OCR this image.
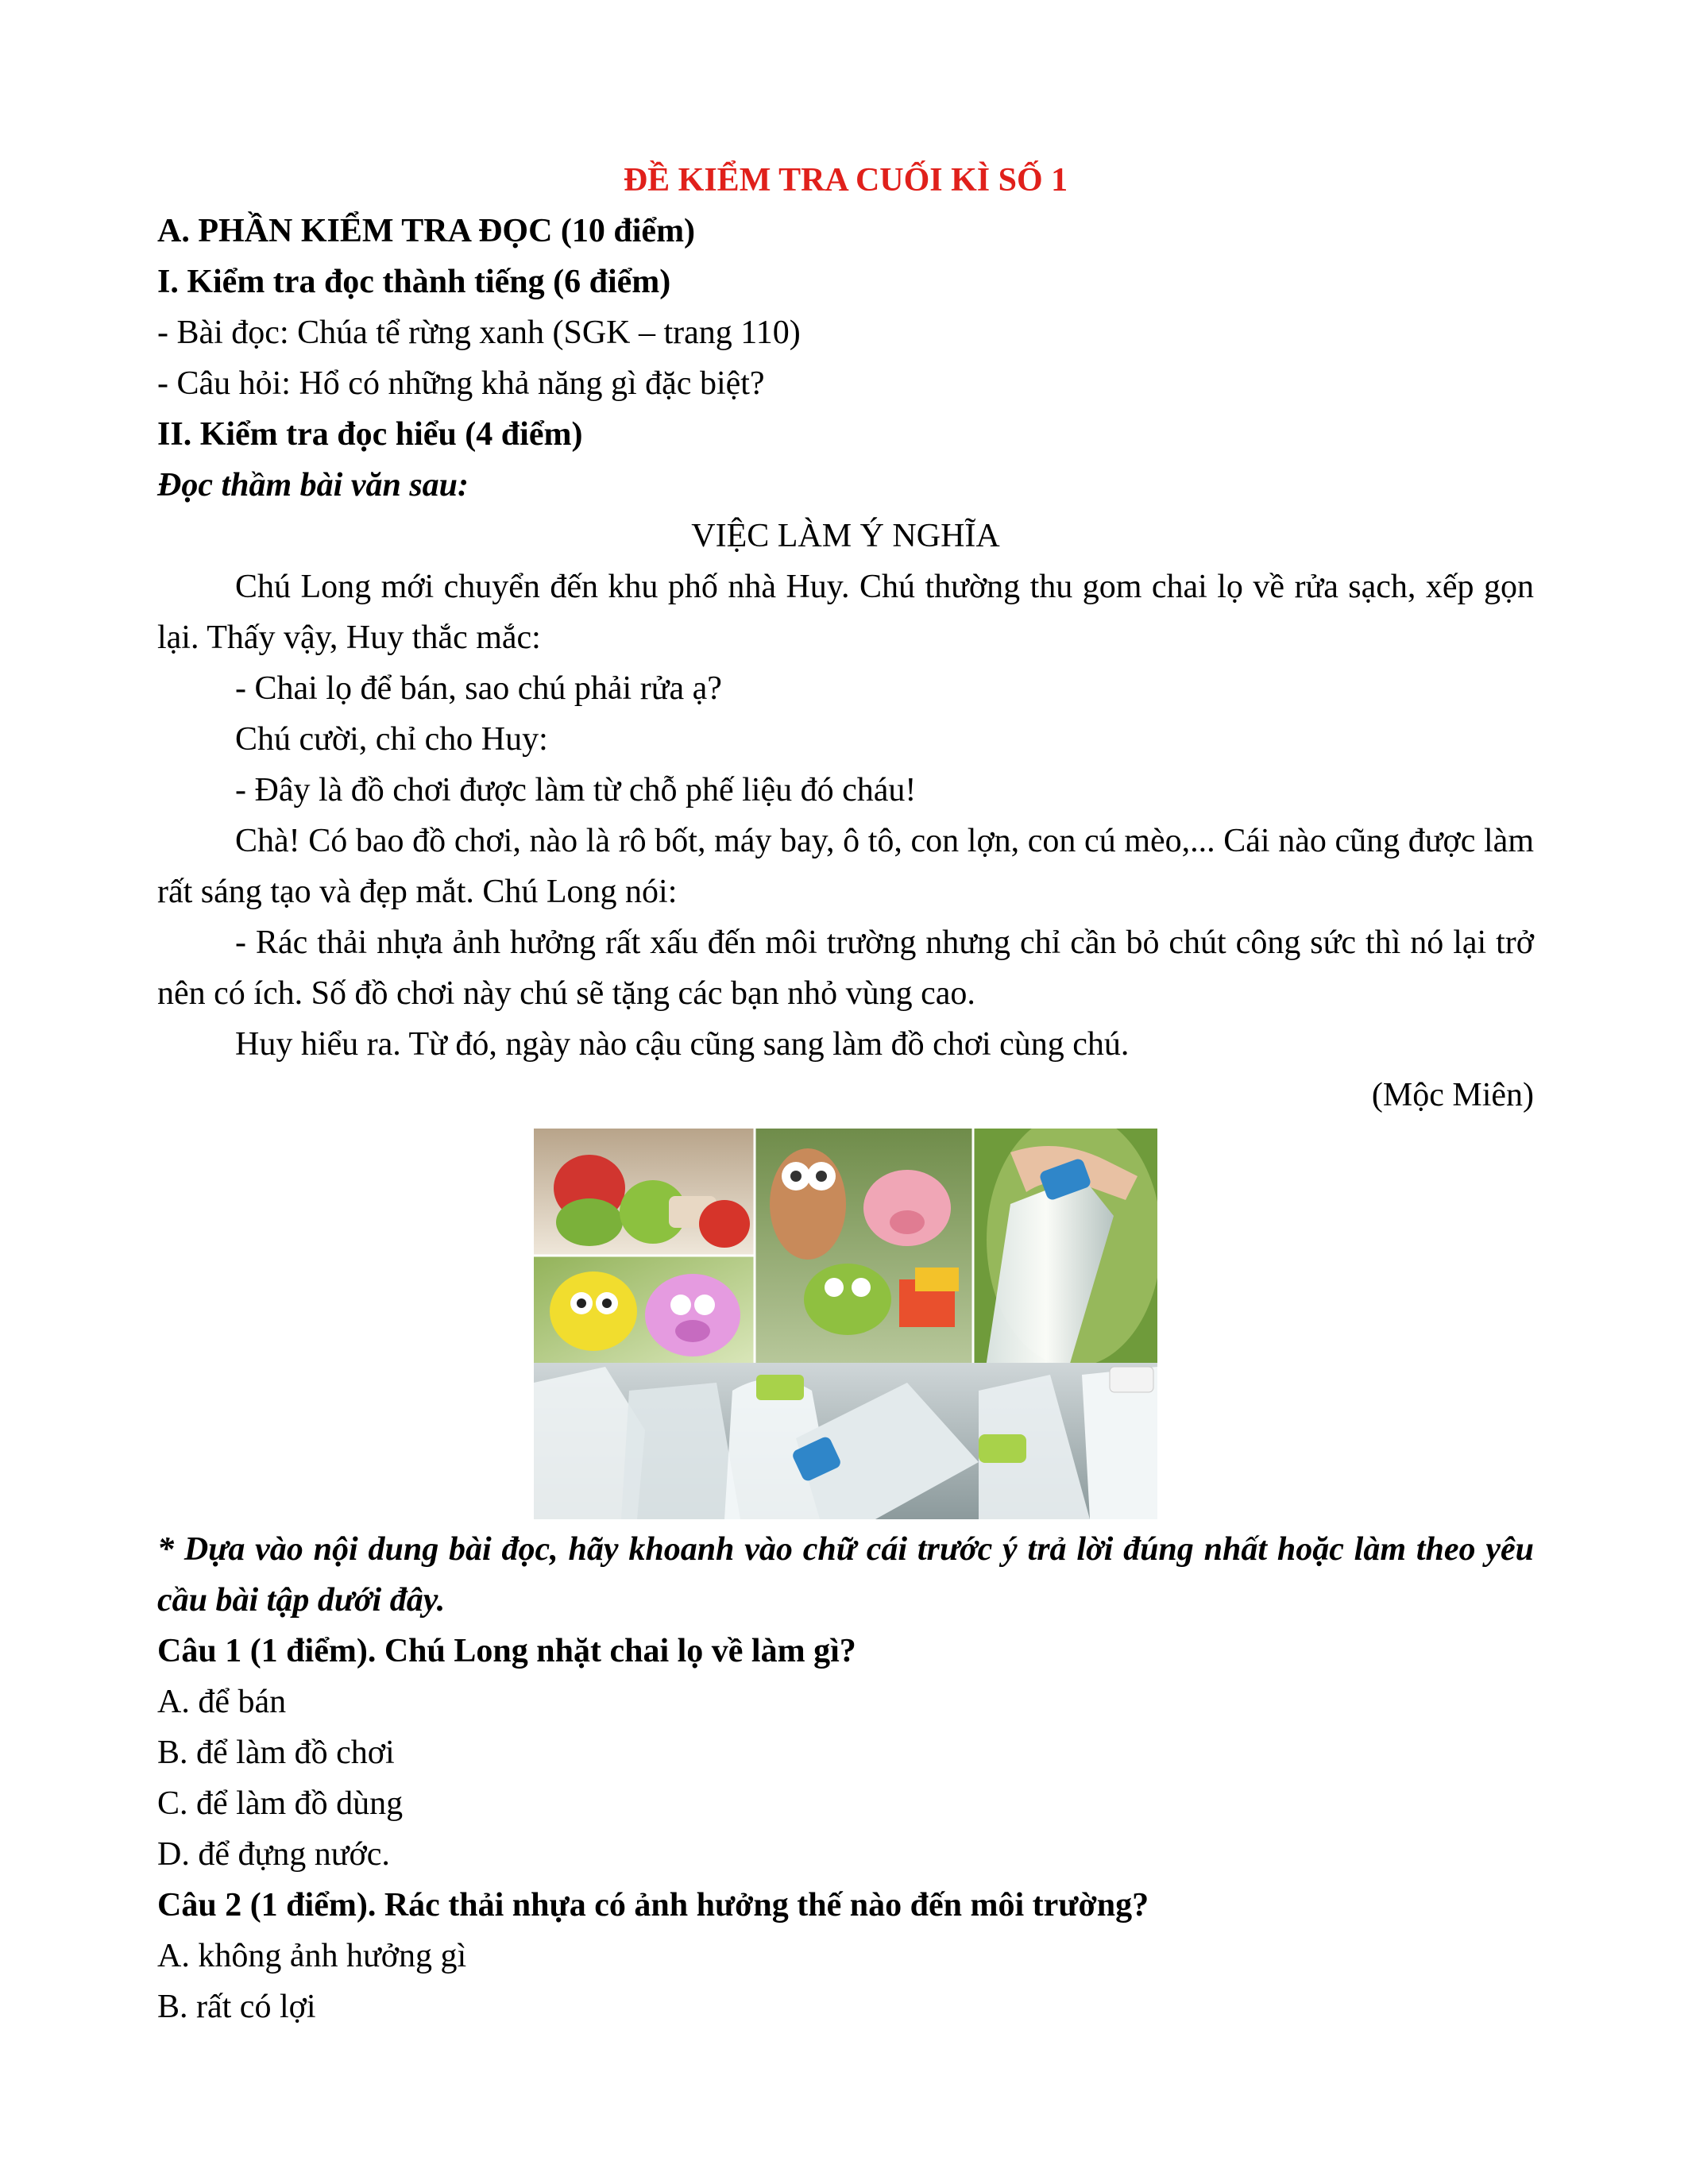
ĐỀ KIỂM TRA CUỐI KÌ SỐ 1

A. PHẦN KIỂM TRA ĐỌC (10 điểm)

I. Kiểm tra đọc thành tiếng (6 điểm)

- Bài đọc: Chúa tể rừng xanh (SGK – trang 110)

- Câu hỏi: Hổ có những khả năng gì đặc biệt?

II. Kiểm tra đọc hiểu (4 điểm)

Đọc thầm bài văn sau:

VIỆC LÀM Ý NGHĨA

Chú Long mới chuyển đến khu phố nhà Huy. Chú thường thu gom chai lọ về rửa sạch, xếp gọn lại. Thấy vậy, Huy thắc mắc:

- Chai lọ để bán, sao chú phải rửa ạ?

Chú cười, chỉ cho Huy:

- Đây là đồ chơi được làm từ chỗ phế liệu đó cháu!

Chà! Có bao đồ chơi, nào là rô bốt, máy bay, ô tô, con lợn, con cú mèo,... Cái nào cũng được làm rất sáng tạo và đẹp mắt. Chú Long nói:

- Rác thải nhựa ảnh hưởng rất xấu đến môi trường nhưng chỉ cần bỏ chút công sức thì nó lại trở nên có ích. Số đồ chơi này chú sẽ tặng các bạn nhỏ vùng cao.

Huy hiểu ra. Từ đó, ngày nào cậu cũng sang làm đồ chơi cùng chú.

(Mộc Miên)

* Dựa vào nội dung bài đọc, hãy khoanh vào chữ cái trước ý trả lời đúng nhất hoặc làm theo yêu cầu bài tập dưới đây.

Câu 1 (1 điểm). Chú Long nhặt chai lọ về làm gì?

A. để bán

B. để làm đồ chơi

C. để làm đồ dùng

D. để đựng nước.

Câu 2 (1 điểm). Rác thải nhựa có ảnh hưởng thế nào đến môi trường?

A. không ảnh hưởng gì

B. rất có lợi
